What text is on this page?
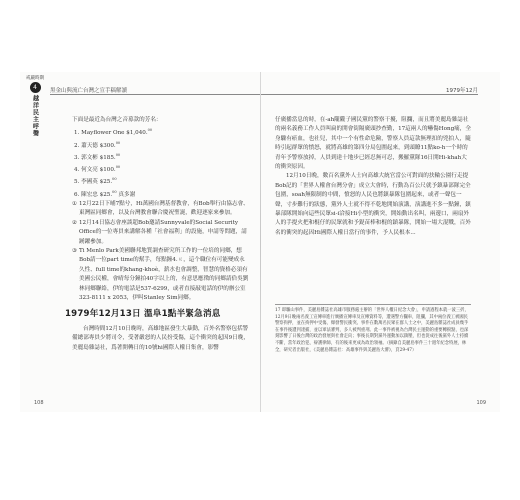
戒嚴時期
4
越洋民主呼聲
黑金山與流亡台灣之宣手稿解讀

下面是最近為台灣之音募款的芳名：

1. Mayflower One $1,040.00
2. 蕭天德 $300.00
3. 郭文彬 $185.00
4. 何文亮 $100.00
5. 李國英 $25.00
6. 陳宏忠 $25.00 真多謝
① 12月22日下晡7點兮，Hi萬國台灣基督教會，有Bob舉行由協志會、東灣區同鄉會，以及台灣教會聯合慶祝聖誕，歡迎逐家來參加。
② 12月14日協志會座談超Bob邀請Sunnyvale的Social Security Office的一位專員來講解各種「社會福利」的設施，申請等問題，請踴躍參加。
③ Ti Menlo Park美國聯邦地質調查研究所工作的一位培的同鄉，想Bob請一位part time的幫手，每點鐘4.ㄍ，這个職位有可能變成永久性、full time的khang-khoè，薪水也會調整，智慧的資格必須有美國公民權，會晴每分鐘拍40字以上的，有意思應徵的同鄉請佮吳劉林同鄉聯絡，伊的電話是537-6299，或者直接敲電話的伊的辦公室323-8111 x 2053，伊叫Stanley Sim同鄉。
1979年12月13日 溫阜1點半緊急消息

台灣時間12月10日晚時，高雄地區發生大暴動，百外名警察包括警備總部專員少將司令，受著嚴怒的人民扮受傷，這个衝突的起因9日晚，美麗島雜誌社，爲著開轉日的10號hi國際人權日集會，影響

108
1979年12月

仔廣播當息的時，在-ah隴隴子國民黨的警察干擾，阻攔，而且將美麗島雜誌社的兩名義務工作人員叫扁的開會街隔廣頭抄查勤，17這兩人的嚇傷Hong痛，全身驟有瘀血，也社兒，其中一个有性命危險，警察人員這款無理扣的兇拍人，隨時引起群眾的憤怒，就將高雄的第四分局包圍起來，到頭瞭11點ko-h一个時的青年予警察放掉，人員到達十地步已經忍無可忍，搬羅黨隊16日開Hi-khah大的衝突原因。

12月10日晚，數百名黨外人士向高雄大統官當公可對面的扶輪公園行走提Bob記的「世界人權會台灣分會」成立大會時，行動為百公尺就予鎮暴部隊完全包圍，soah無限制的中間，憤怒的人民也將鎮暴隊包圍起來，或者一聲包一聲，寸步難行的狀態，黨外人士就不得不乾地開始演講，演講進不多一點鐘，鎮暴部隊開始向這些民眾si-i洽接Hi小型的衝突，開始動出名叫，兩邊口，兩扇外人的手提火把和棍仔的民眾就和予鍉苗棒和棍的鎮暴隊，開始一場大混戰，百外名的衝突的起因Hi國際人權日當行的事件，予人民根本...

17 即驅山事件，美麗島雜誌社高雄市服務處主辦的「世界人權日紀念大會」，申請過程本就一波三折，12月9日晚兩名義工宣傳車進行廣播宣傳車及宣傳資料等，遭遇警方攔車，阻攔，其中兩位義工被國民警察拘押，並在拘押中受傷，爆發警民衝突。事件在數萬名民眾在群人士之中，美麗島雜誌社成員幾乎在事件後遭到逮捕，並以軍法審判，多人被判重刑。此一事件被視為台灣民主運動的重要轉捩點，也深刻影響了日後台灣的政治發展與社會走向；事後長期對黨外運動加以鎮壓，但也促成往後黨外人士持續不斷，當年政治犯、辯護律師，有的後來更成為政治領袖。（摘錄自美麗島事件三十週年紀念特展，林全，研究者出版社，《美麗島雜誌社：高雄事件與美麗島大審》，頁29-47）
109
